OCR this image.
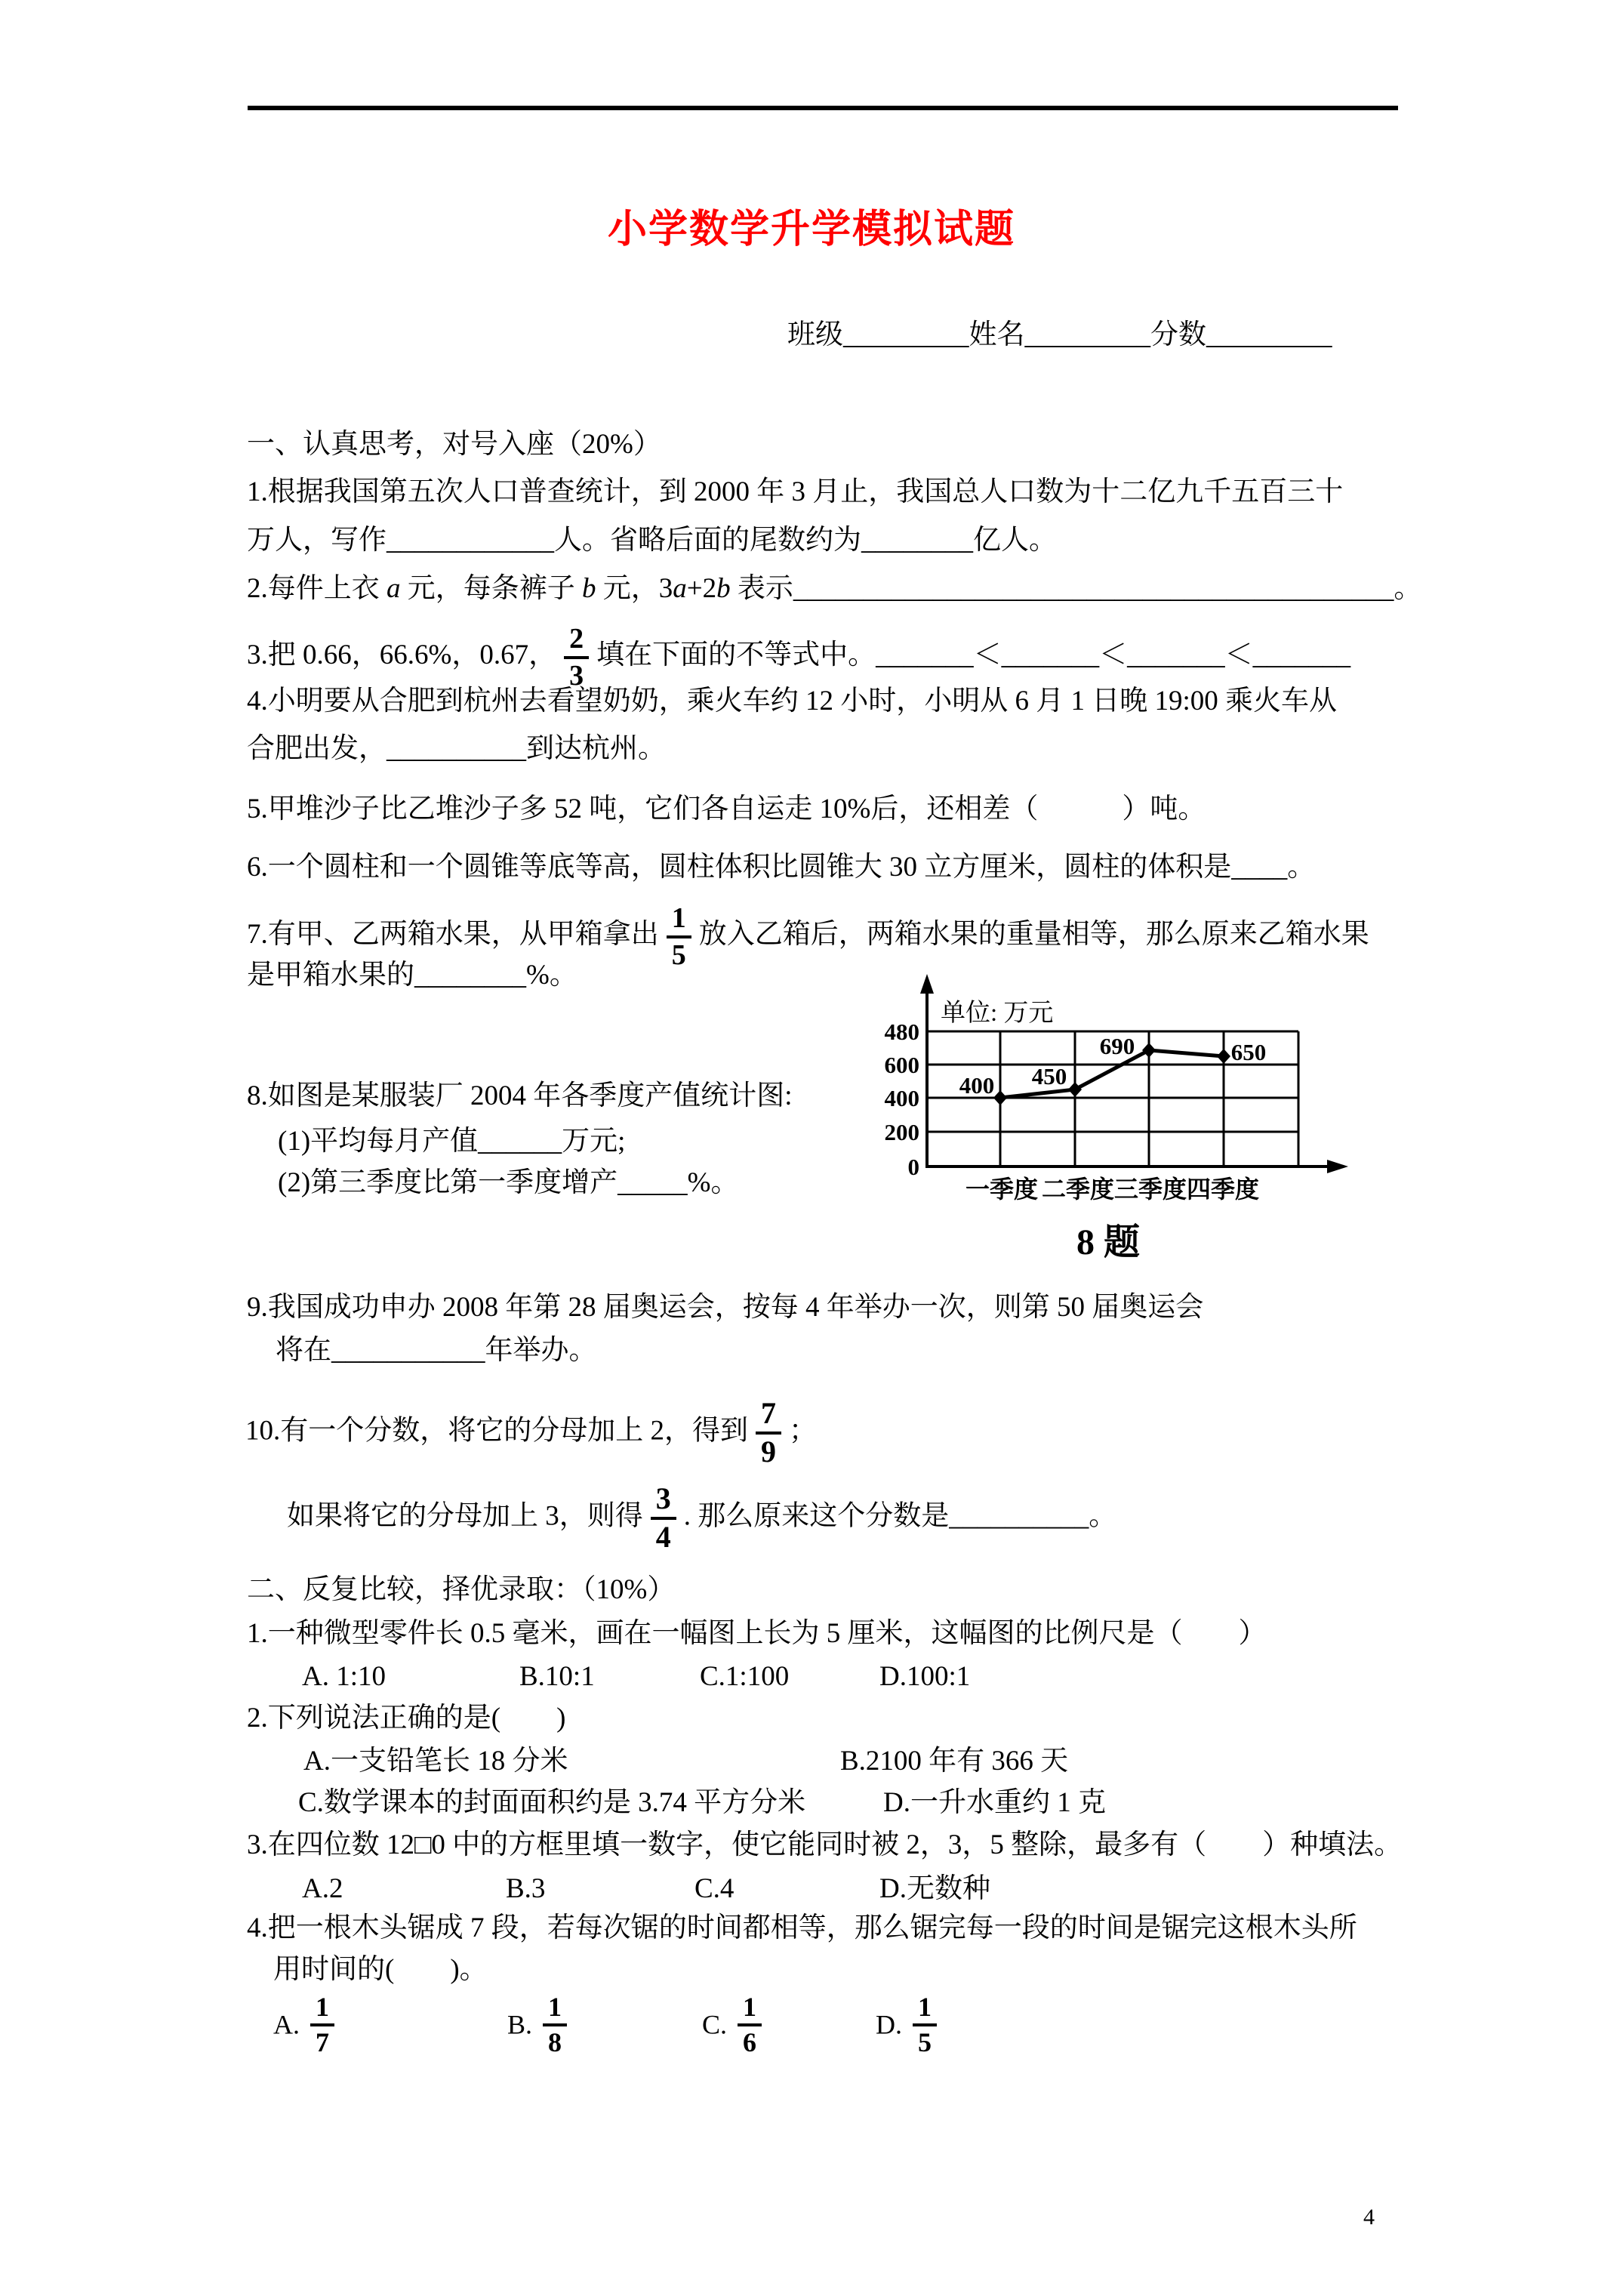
小学数学升学模拟试题
班级_________姓名_________分数_________
一、认真思考，对号入座（20%）
1.根据我国第五次人口普查统计，到 2000 年 3 月止，我国总人口数为十二亿九千五百三十
万人，写作____________人。省略后面的尾数约为________亿人。
2.每件上衣 a 元，每条裤子 b 元，3a+2b 表示___________________________________________。
3.把 0.66，66.6%，0.67， $\frac{2}{3}$ 填在下面的不等式中。_______＜_______＜_______＜_______
4.小明要从合肥到杭州去看望奶奶，乘火车约 12 小时，小明从 6 月 1 日晚 19:00 乘火车从
合肥出发，__________到达杭州。
5.甲堆沙子比乙堆沙子多 52 吨，它们各自运走 10%后，还相差（　　　）吨。
6.一个圆柱和一个圆锥等底等高，圆柱体积比圆锥大 30 立方厘米，圆柱的体积是____。
7.有甲、乙两箱水果，从甲箱拿出 $\frac{1}{5}$ 放入乙箱后，两箱水果的重量相等，那么原来乙箱水果
是甲箱水果的________%。
8.如图是某服装厂 2004 年各季度产值统计图:
(1)平均每月产值______万元;
(2)第三季度比第一季度增产_____%。
单位: 万元
480
600
400
200
0
400 450
690	650
一季度 二季度 三季度 四季度
8 题
9.我国成功申办 2008 年第 28 届奥运会，按每 4 年举办一次，则第 50 届奥运会
将在___________年举办。
10.有一个分数，将它的分母加上 2，得到 $\frac{7}{9}$ ；
如果将它的分母加上 3，则得 $\frac{3}{4}$ . 那么原来这个分数是__________。
二、反复比较，择优录取：（10%）
1.一种微型零件长 0.5 毫米，画在一幅图上长为 5 厘米，这幅图的比例尺是（　　）
A. 1:10	B.10:1	C.1:100	D.100:1
2.下列说法正确的是(　　)
A.一支铅笔长 18 分米	B.2100 年有 366 天
C.数学课本的封面面积约是 3.74 平方分米	D.一升水重约 1 克
3.在四位数 12□0 中的方框里填一数字，使它能同时被 2，3，5 整除，最多有（　　）种填法。
A.2	B.3	C.4	D.无数种
4.把一根木头锯成 7 段，若每次锯的时间都相等，那么锯完每一段的时间是锯完这根木头所
用时间的(　　)。
A. $\frac{1}{7}$	B. $\frac{1}{8}$	C. $\frac{1}{6}$	D. $\frac{1}{5}$
4
